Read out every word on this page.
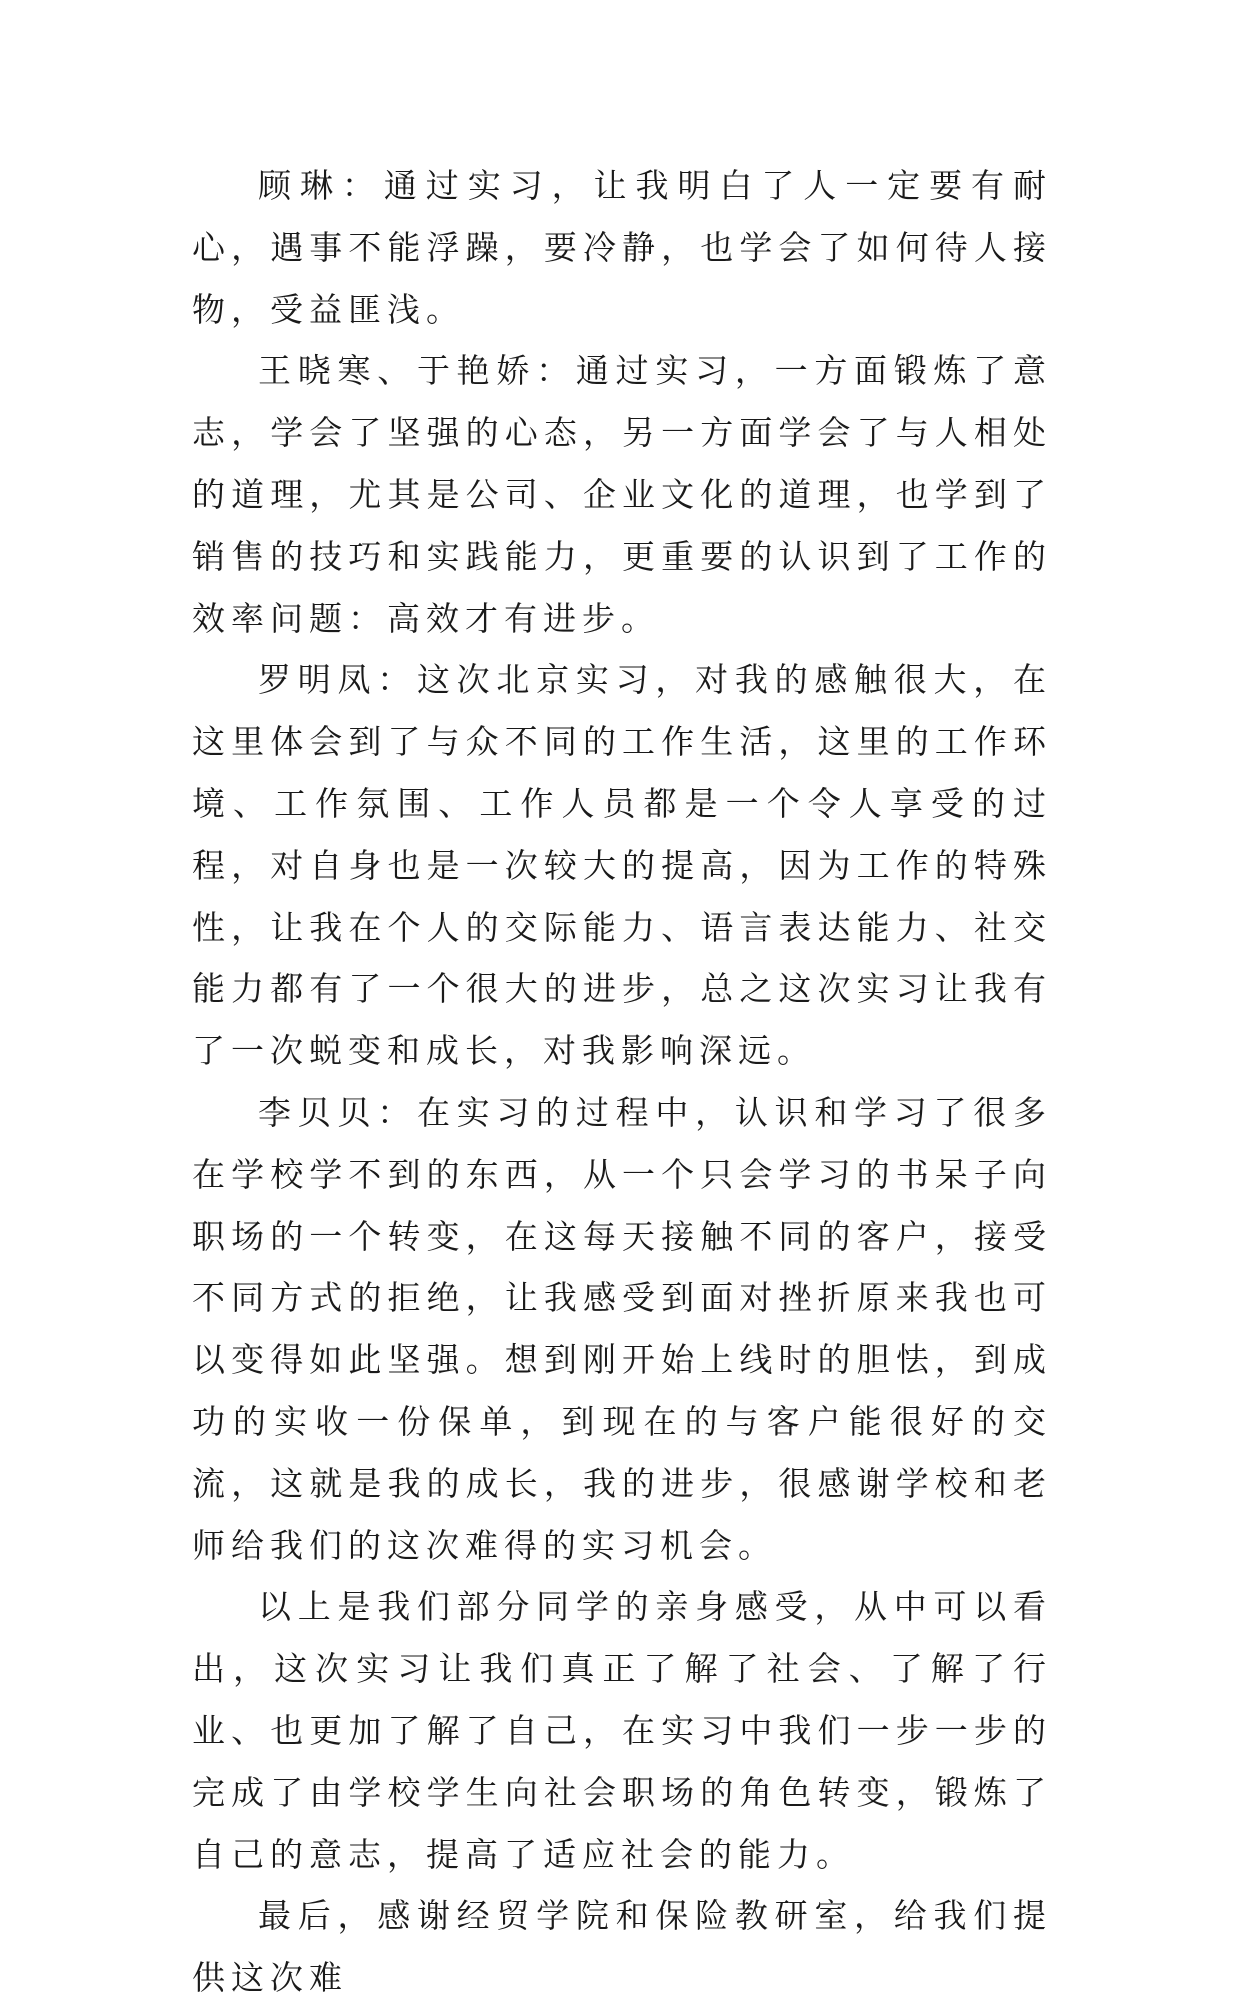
顾琳：通过实习，让我明白了人一定要有耐心，遇事不能浮躁，要冷静，也学会了如何待人接物，受益匪浅。

王晓寒、于艳娇：通过实习，一方面锻炼了意志，学会了坚强的心态，另一方面学会了与人相处的道理，尤其是公司、企业文化的道理，也学到了销售的技巧和实践能力，更重要的认识到了工作的效率问题：高效才有进步。

罗明凤：这次北京实习，对我的感触很大，在这里体会到了与众不同的工作生活，这里的工作环境、工作氛围、工作人员都是一个令人享受的过程，对自身也是一次较大的提高，因为工作的特殊性，让我在个人的交际能力、语言表达能力、社交能力都有了一个很大的进步，总之这次实习让我有了一次蜕变和成长，对我影响深远。

李贝贝：在实习的过程中，认识和学习了很多在学校学不到的东西，从一个只会学习的书呆子向职场的一个转变，在这每天接触不同的客户，接受不同方式的拒绝，让我感受到面对挫折原来我也可以变得如此坚强。想到刚开始上线时的胆怯，到成功的实收一份保单，到现在的与客户能很好的交流，这就是我的成长，我的进步，很感谢学校和老师给我们的这次难得的实习机会。

以上是我们部分同学的亲身感受，从中可以看出，这次实习让我们真正了解了社会、了解了行业、也更加了解了自己，在实习中我们一步一步的完成了由学校学生向社会职场的角色转变，锻炼了自己的意志，提高了适应社会的能力。

最后，感谢经贸学院和保险教研室，给我们提供这次难
